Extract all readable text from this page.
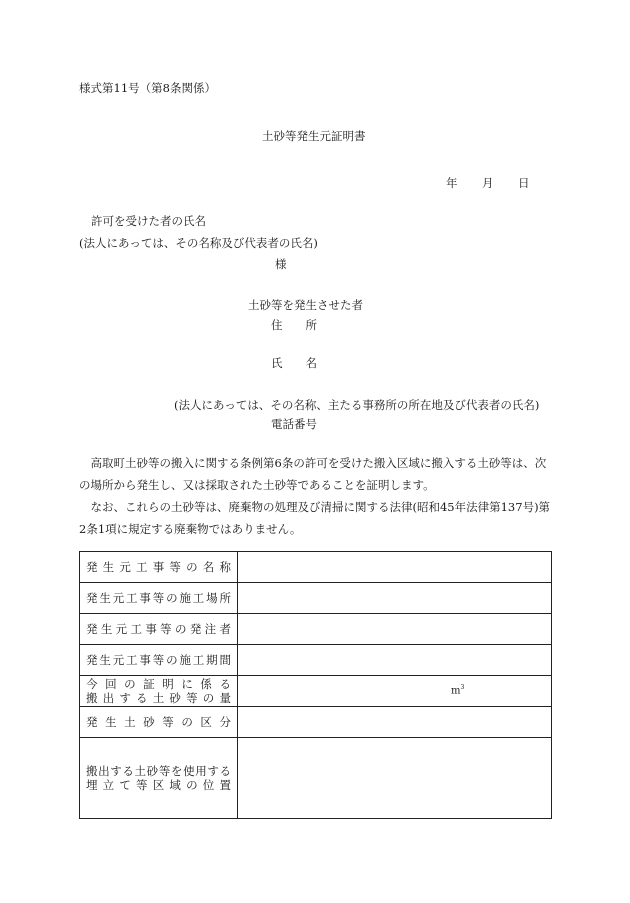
様式第11号（第8条関係）
土砂等発生元証明書
年 月 日
許可を受けた者の氏名
(法人にあっては、その名称及び代表者の氏名)
様
土砂等を発生させた者
住　　所
氏　　名
(法人にあっては、その名称、主たる事務所の所在地及び代表者の氏名)
電話番号

高取町土砂等の搬入に関する条例第6条の許可を受けた搬入区域に搬入する土砂等は、次の場所から発生し、又は採取された土砂等であることを証明します。

なお、これらの土砂等は、廃棄物の処理及び清掃に関する法律(昭和45年法律第137号)第2条1項に規定する廃棄物ではありません。

発生元工事等の名称	
発生元工事等の施工場所	
発生元工事等の発注者	
発生元工事等の施工期間	
今回の証明に係る
搬出する土砂等の量	$m^3$

発生土砂等の区分	
搬出する土砂等を使用する
埋立て等区域の位置	
